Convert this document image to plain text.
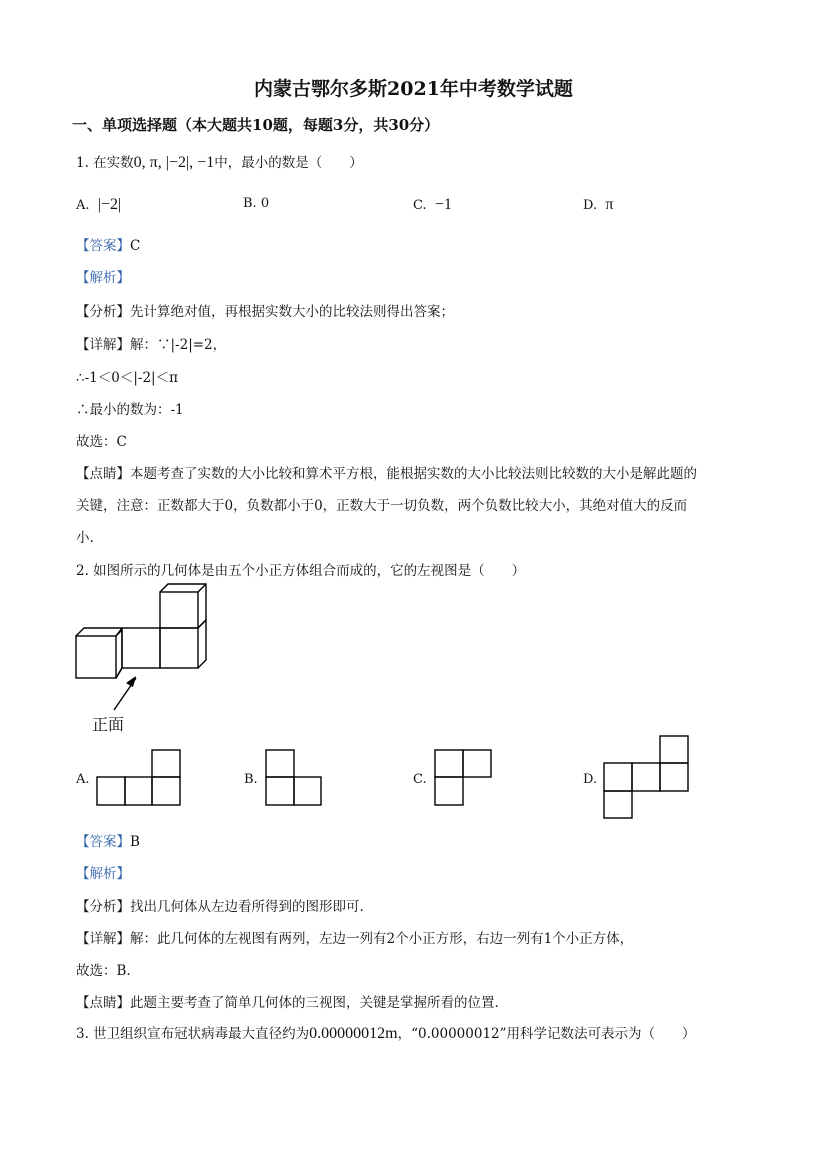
内蒙古鄂尔多斯2021年中考数学试题
一、单项选择题（本大题共10题，每题3分，共30分）
1. 在实数0, π, |−2|, −1中，最小的数是（　　）
A. |−2|	B. 0	C. −1	D. π
【答案】C
【解析】
【分析】先计算绝对值，再根据实数大小的比较法则得出答案；
【详解】解：∵|-2|=2，
∴-1＜0＜|-2|＜π
∴最小的数为：-1
故选：C
【点睛】本题考查了实数的大小比较和算术平方根，能根据实数的大小比较法则比较数的大小是解此题的
关键，注意：正数都大于0，负数都小于0，正数大于一切负数，两个负数比较大小，其绝对值大的反而
小.
2. 如图所示的几何体是由五个小正方体组合而成的，它的左视图是（　　）
正面
A.	B.	C.	D.
【答案】B
【解析】
【分析】找出几何体从左边看所得到的图形即可.
【详解】解：此几何体的左视图有两列，左边一列有2个小正方形，右边一列有1个小正方体，
故选：B.
【点睛】此题主要考查了简单几何体的三视图，关键是掌握所看的位置.
3. 世卫组织宣布冠状病毒最大直径约为0.00000012m，“0.00000012”用科学记数法可表示为（　　）
